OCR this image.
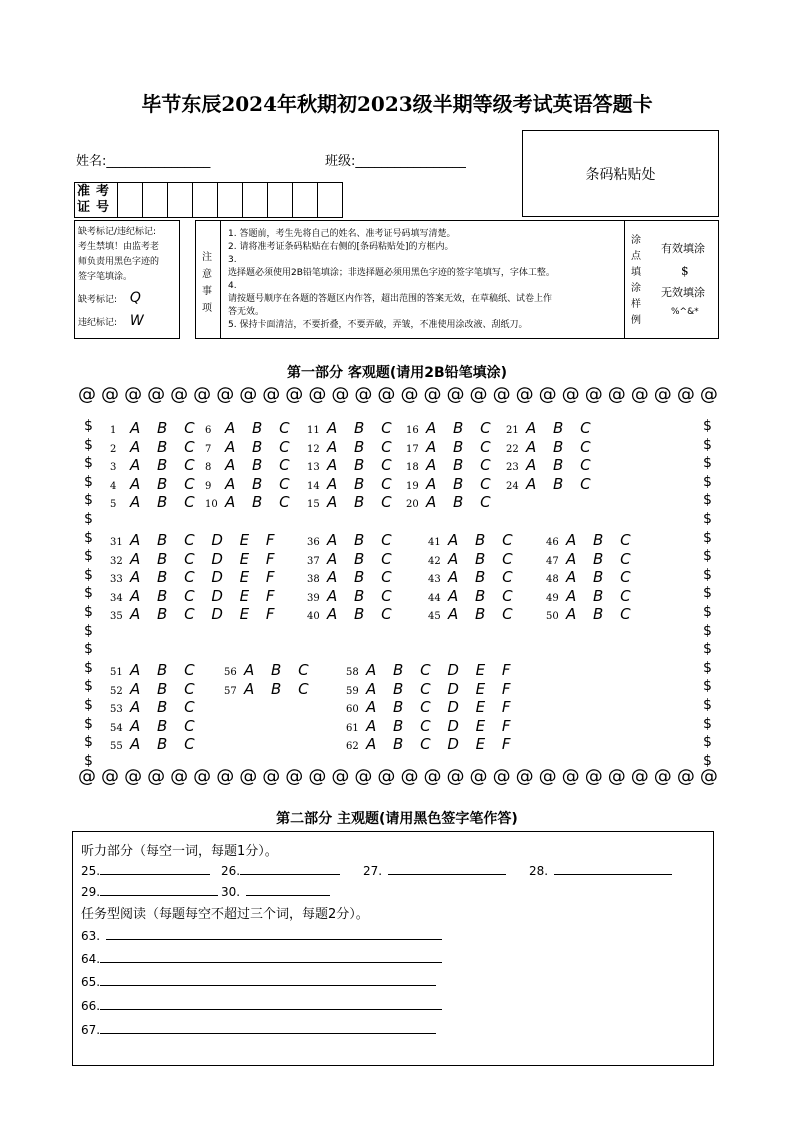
毕节东辰2024年秋期初2023级半期等级考试英语答题卡
姓名:________________	班级:_________________
条码粘贴处
准考证号
缺考标记/违纪标记:
考生禁填！由监考老
师负责用黑色字迹的
签字笔填涂。
缺考标记: Q
违纪标记: W
注意事项
1. 答题前，考生先将自己的姓名、准考证号码填写清楚。
2. 请将准考证条码粘贴在右侧的[条码粘贴处]的方框内。
3.
选择题必须使用2B铅笔填涂；非选择题必须用黑色字迹的签字笔填写，字体工整。
4.
请按题号顺序在各题的答题区内作答，超出范围的答案无效，在草稿纸、试卷上作
答无效。
5. 保持卡面清洁，不要折叠，不要弄破，弄皱，不准使用涂改液、刮纸刀。
涂点填涂样例
有效填涂
$
无效填涂
%^&*
第一部分 客观题(请用2B铅笔填涂)
@ @ @ @ @ @ @ @ @ @ @ @ @ @ @ @ @ @ @ @ @ @ @ @ @ @ @ @
@ @ @ @ @ @ @ @ @ @ @ @ @ @ @ @ @ @ @ @ @ @ @ @ @ @ @ @
$
$
$
$
$
$
$
$
$
$
$
$
$
$
$
$
$
$
$
$
$
$
$
$
$
$
$
$
$
$
$
$
$
$
$
$
$
$
1 A B C
2 A B C
3 A B C
4 A B C
5 A B C
6 A B C
7 A B C
8 A B C
9 A B C
10 A B C
11 A B C
12 A B C
13 A B C
14 A B C
15 A B C
16 A B C
17 A B C
18 A B C
19 A B C
20 A B C
21 A B C
22 A B C
23 A B C
24 A B C
31 A B C D E F
32 A B C D E F
33 A B C D E F
34 A B C D E F
35 A B C D E F
36 A B C
37 A B C
38 A B C
39 A B C
40 A B C
41 A B C
42 A B C
43 A B C
44 A B C
45 A B C
46 A B C
47 A B C
48 A B C
49 A B C
50 A B C
51 A B C
52 A B C
53 A B C
54 A B C
55 A B C
56 A B C
57 A B C
58 A B C D E F
59 A B C D E F
60 A B C D E F
61 A B C D E F
62 A B C D E F
第二部分 主观题(请用黑色签字笔作答)
听力部分（每空一词，每题1分）。
25.	26.	27.	28.
29.	30.
任务型阅读（每题每空不超过三个词，每题2分）。
63.
64.
65.
66.
67.
